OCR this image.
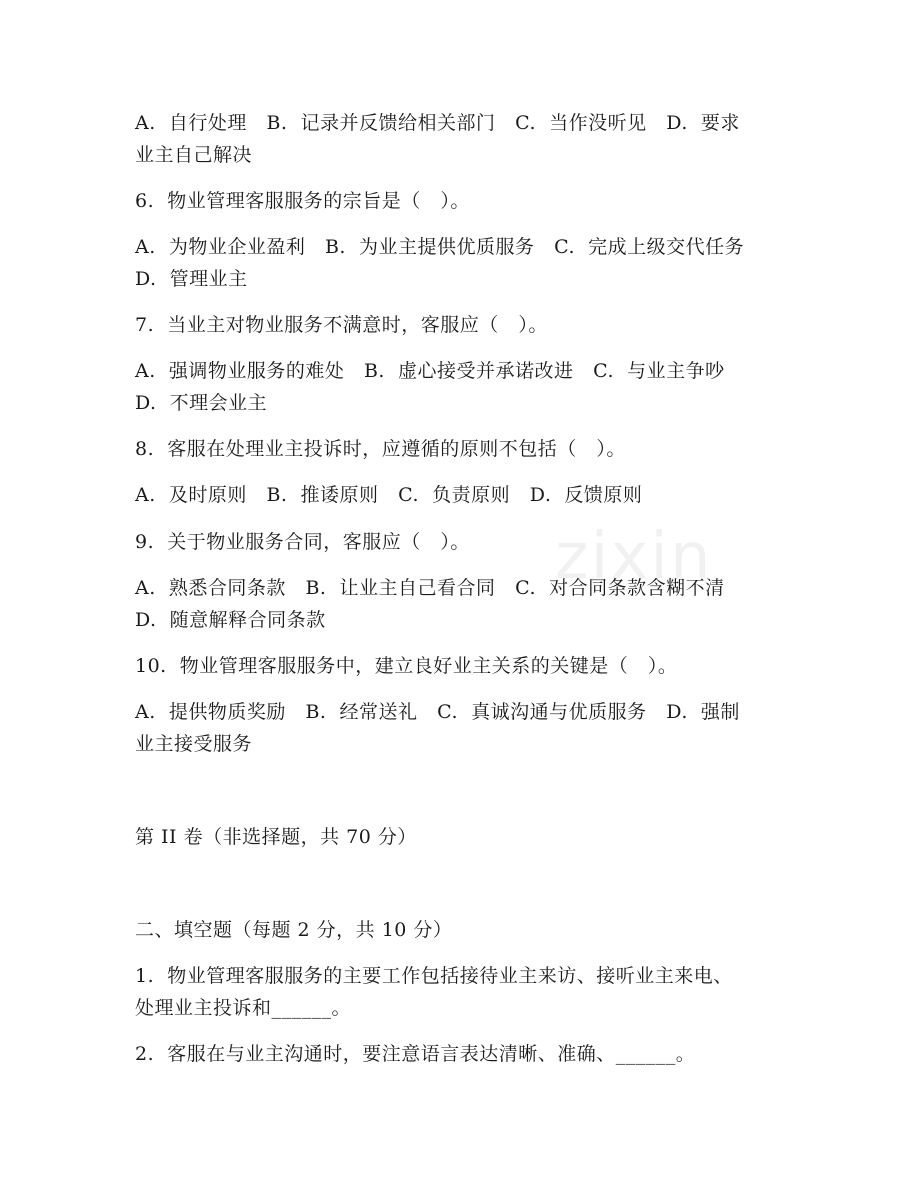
zixin
A.  自行处理   B.  记录并反馈给相关部门   C.  当作没听见   D.  要求
业主自己解决
6.  物业管理客服服务的宗旨是（   ）。
A.  为物业企业盈利   B.  为业主提供优质服务   C.  完成上级交代任务
D.  管理业主
7.  当业主对物业服务不满意时，客服应（   ）。
A.  强调物业服务的难处   B.  虚心接受并承诺改进   C.  与业主争吵
D.  不理会业主
8.  客服在处理业主投诉时，应遵循的原则不包括（   ）。
A.  及时原则   B.  推诿原则   C.  负责原则   D.  反馈原则
9.  关于物业服务合同，客服应（   ）。
A.  熟悉合同条款   B.  让业主自己看合同   C.  对合同条款含糊不清
D.  随意解释合同条款
10.  物业管理客服服务中，建立良好业主关系的关键是（   ）。
A.  提供物质奖励   B.  经常送礼   C.  真诚沟通与优质服务   D.  强制
业主接受服务
第 II 卷（非选择题，共 70 分）
二、填空题（每题 2 分，共 10 分）
1.  物业管理客服服务的主要工作包括接待业主来访、接听业主来电、
处理业主投诉和______。
2.  客服在与业主沟通时，要注意语言表达清晰、准确、______。
